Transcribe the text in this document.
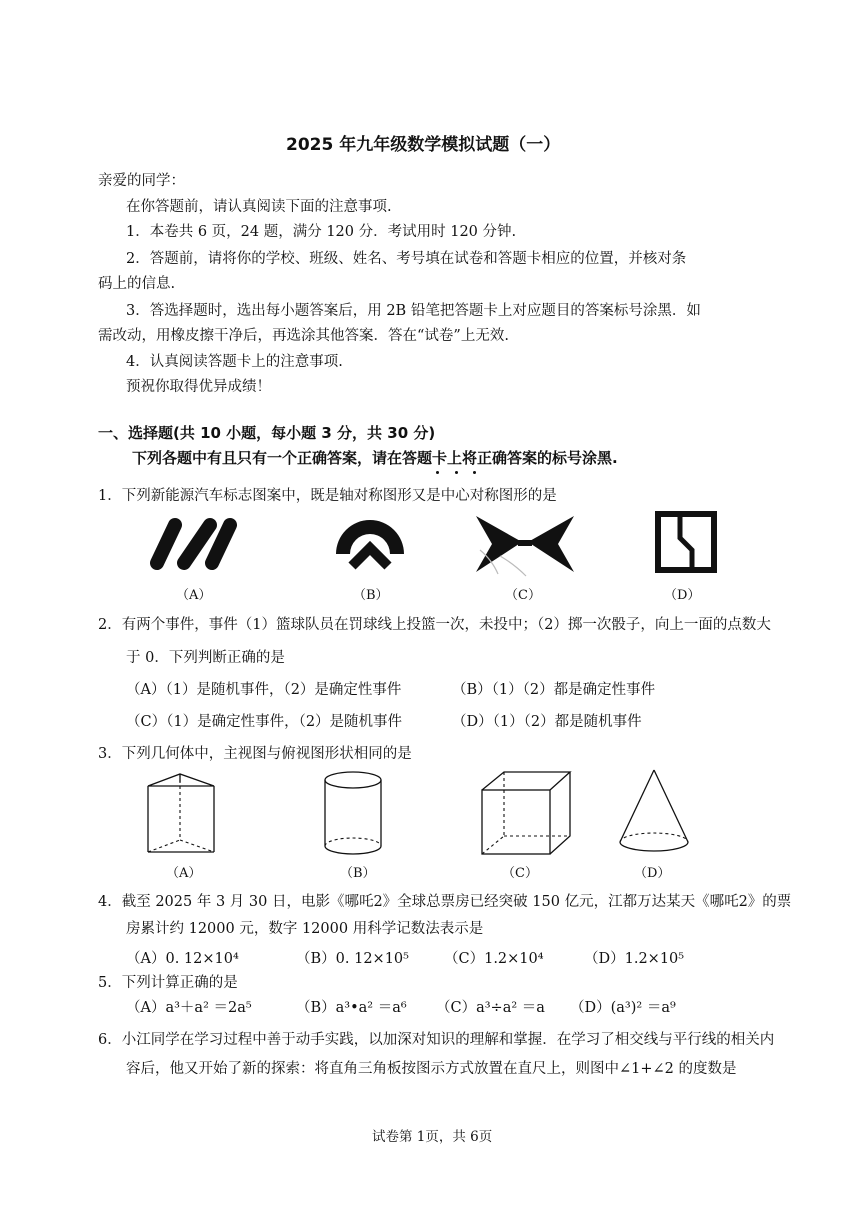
2025 年九年级数学模拟试题（一）
亲爱的同学：
在你答题前，请认真阅读下面的注意事项.
1．本卷共 6 页，24 题，满分 120 分．考试用时 120 分钟.
2．答题前，请将你的学校、班级、姓名、考号填在试卷和答题卡相应的位置，并核对条
码上的信息.
3．答选择题时，选出每小题答案后，用 2B 铅笔把答题卡上对应题目的答案标号涂黑．如
需改动，用橡皮擦干净后，再选涂其他答案．答在“试卷”上无效.
4．认真阅读答题卡上的注意事项.
预祝你取得优异成绩！
一、选择题(共 10 小题，每小题 3 分，共 30 分)
下列各题中有且只有一个正确答案，请在答题卡上将正确答案的标号涂黑.
1．下列新能源汽车标志图案中，既是轴对称图形又是中心对称图形的是
（A）	（B）	（C）	（D）
2．有两个事件，事件（1）篮球队员在罚球线上投篮一次，未投中；（2）掷一次骰子，向上一面的点数大
于 0．下列判断正确的是
（A）（1）是随机事件，（2）是确定性事件	（B）（1）（2）都是确定性事件
（C）（1）是确定性事件，（2）是随机事件	（D）（1）（2）都是随机事件
3．下列几何体中，主视图与俯视图形状相同的是
（A）	（B）	（C）	（D）
4．截至 2025 年 3 月 30 日，电影《哪吒2》全球总票房已经突破 150 亿元，江都万达某天《哪吒2》的票
房累计约 12000 元，数字 12000 用科学记数法表示是
（A）0. 12×10⁴	（B）0. 12×10⁵ （C）1.2×10⁴	（D）1.2×10⁵
5．下列计算正确的是
（A）a³＋a² ＝2a⁵	（B）a³•a² ＝a⁶ （C）a³÷a² ＝a （D）(a³)² ＝a⁹
6．小江同学在学习过程中善于动手实践，以加深对知识的理解和掌握．在学习了相交线与平行线的相关内
容后，他又开始了新的探索：将直角三角板按图示方式放置在直尺上，则图中∠1+∠2 的度数是
试卷第 1页，共 6页
